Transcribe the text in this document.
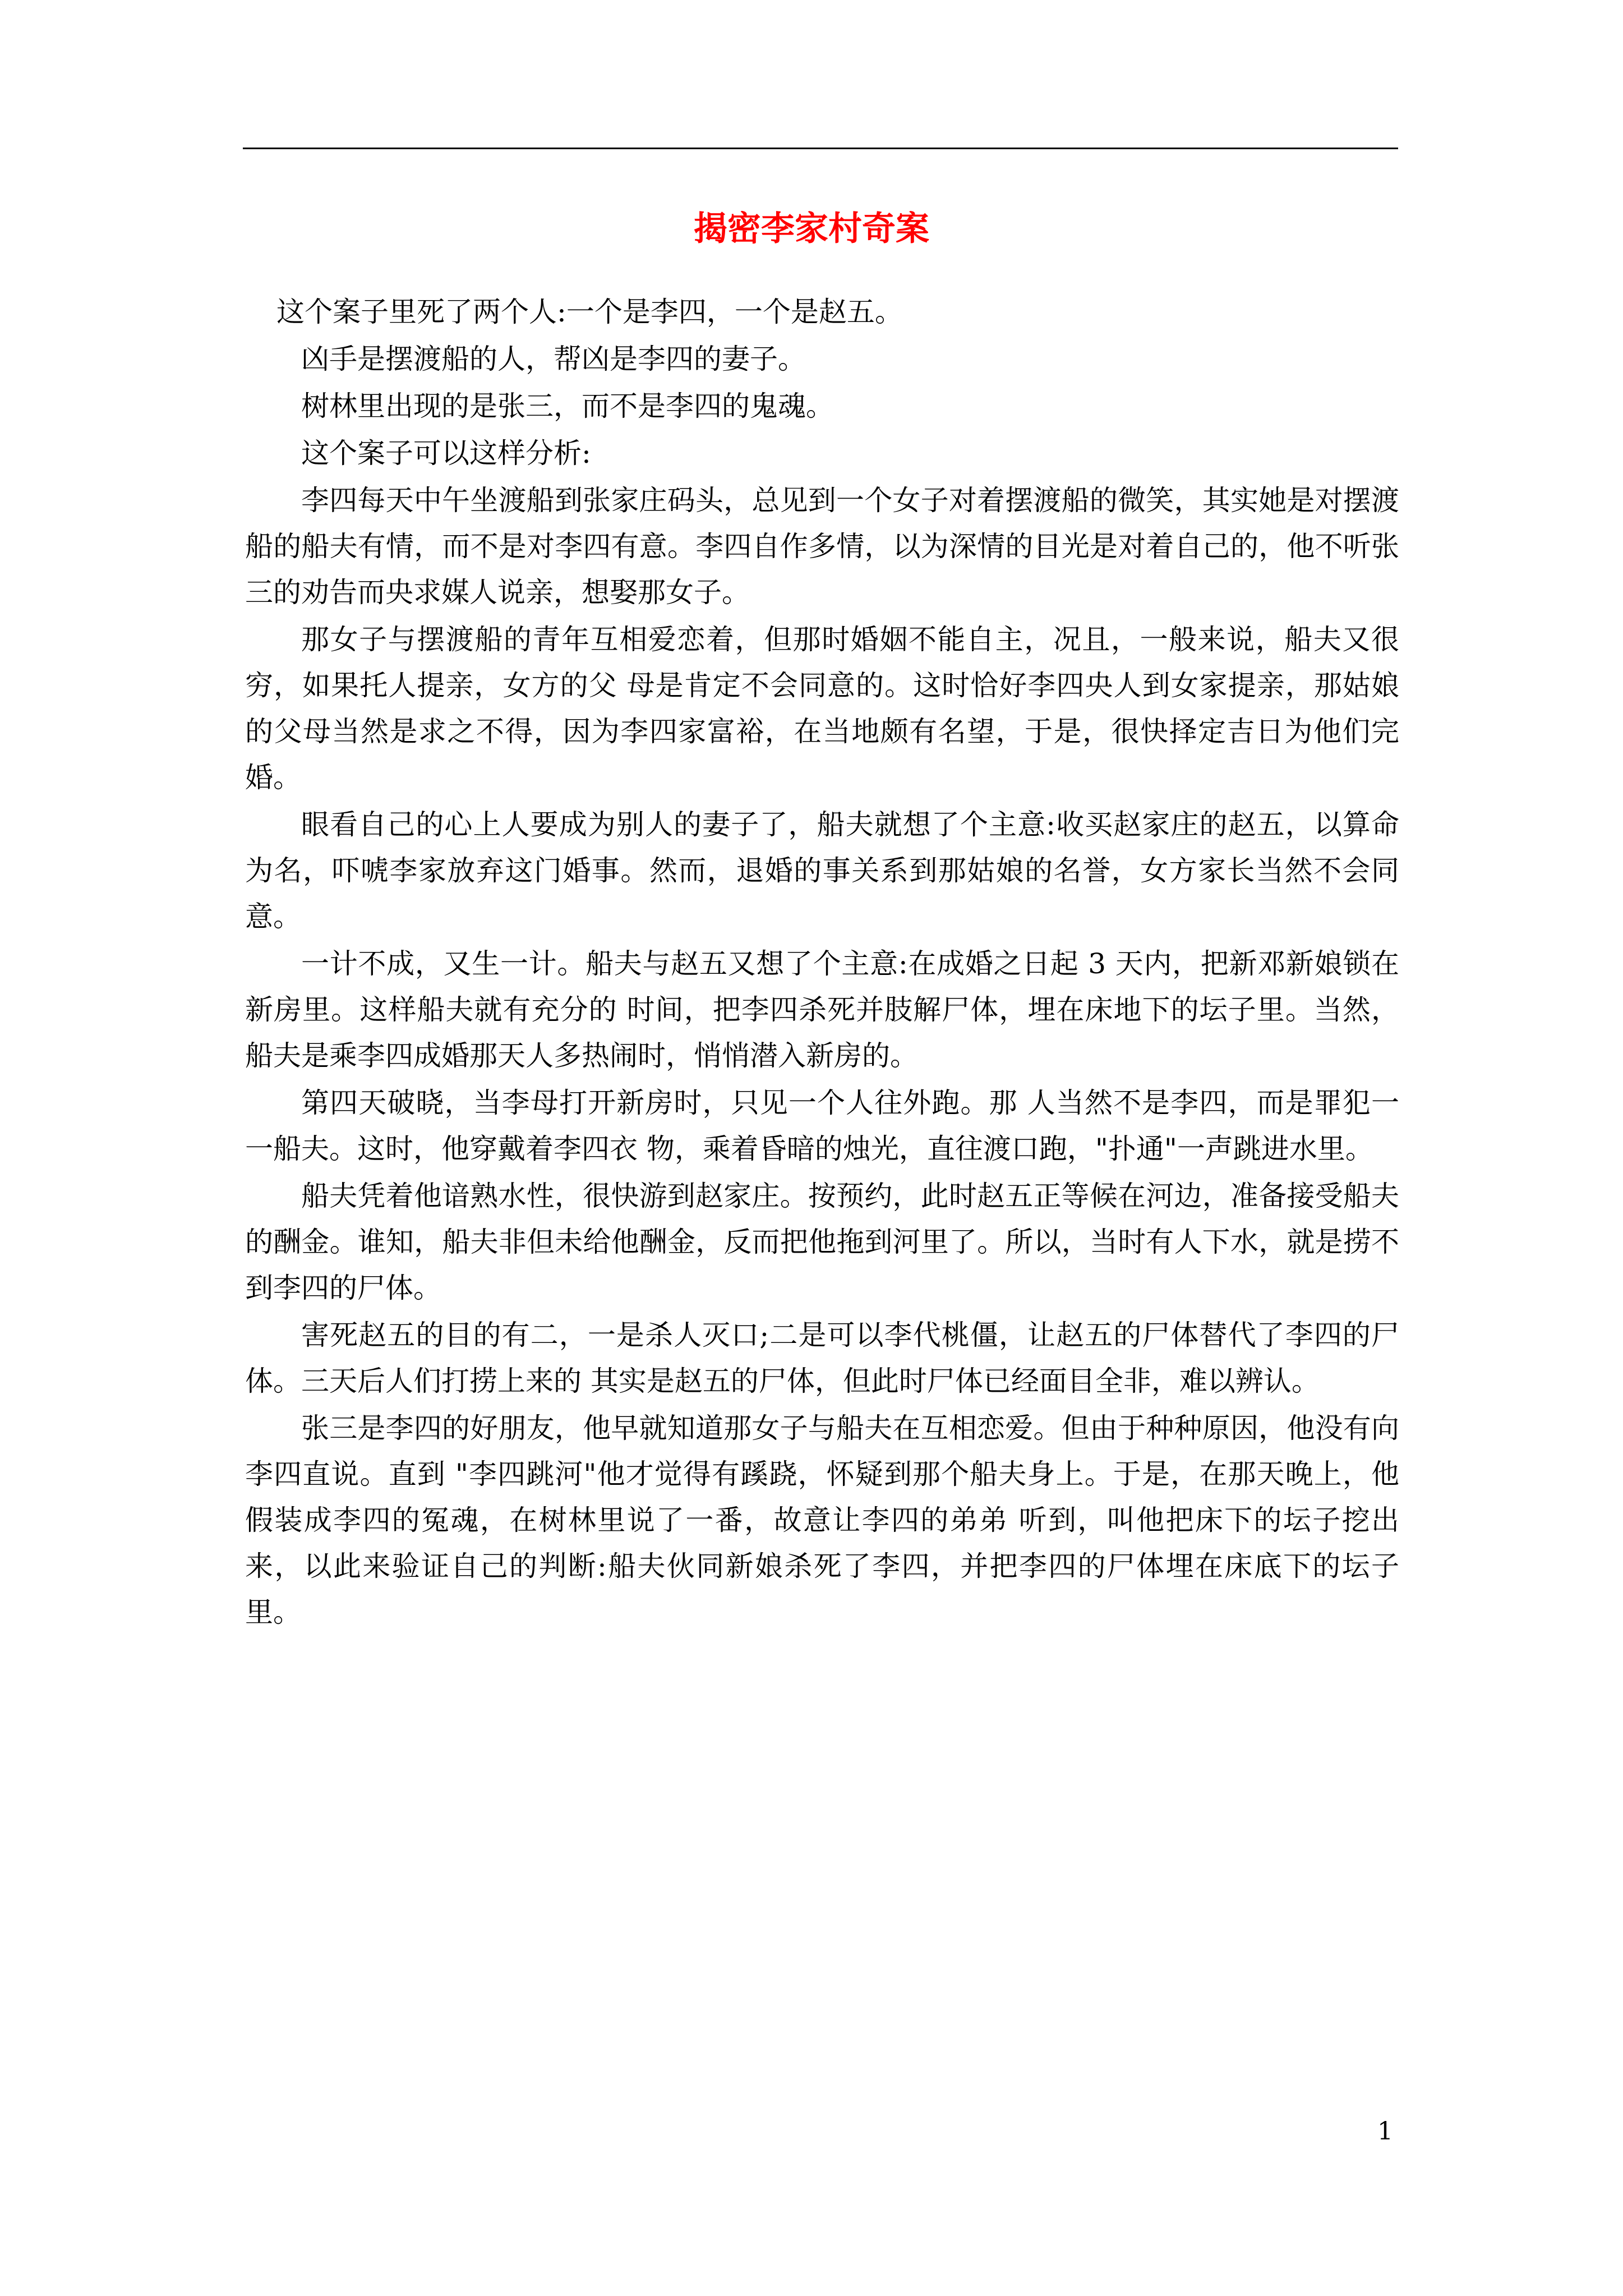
揭密李家村奇案

这个案子里死了两个人:一个是李四，一个是赵五。

凶手是摆渡船的人，帮凶是李四的妻子。

树林里出现的是张三，而不是李四的鬼魂。

这个案子可以这样分析:

李四每天中午坐渡船到张家庄码头，总见到一个女子对着摆渡船的微笑，其实她是对摆渡船的船夫有情，而不是对李四有意。李四自作多情，以为深情的目光是对着自己的，他不听张三的劝告而央求媒人说亲，想娶那女子。

那女子与摆渡船的青年互相爱恋着，但那时婚姻不能自主，况且，一般来说，船夫又很穷，如果托人提亲，女方的父 母是肯定不会同意的。这时恰好李四央人到女家提亲，那姑娘 的父母当然是求之不得，因为李四家富裕，在当地颇有名望，于是，很快择定吉日为他们完婚。

眼看自己的心上人要成为别人的妻子了，船夫就想了个主意:收买赵家庄的赵五，以算命为名，吓唬李家放弃这门婚事。然而，退婚的事关系到那姑娘的名誉，女方家长当然不会同意。

一计不成，又生一计。船夫与赵五又想了个主意:在成婚之日起 3 天内，把新邓新娘锁在新房里。这样船夫就有充分的 时间，把李四杀死并肢解尸体，埋在床地下的坛子里。当然， 船夫是乘李四成婚那天人多热闹时，悄悄潜入新房的。

第四天破晓，当李母打开新房时，只见一个人往外跑。那 人当然不是李四，而是罪犯一一船夫。这时，他穿戴着李四衣 物，乘着昏暗的烛光，直往渡口跑，"扑通"一声跳进水里。

船夫凭着他谙熟水性，很快游到赵家庄。按预约，此时赵五正等候在河边，准备接受船夫的酬金。谁知，船夫非但未给他酬金，反而把他拖到河里了。所以，当时有人下水，就是捞不到李四的尸体。

害死赵五的目的有二，一是杀人灭口;二是可以李代桃僵，让赵五的尸体替代了李四的尸体。三天后人们打捞上来的 其实是赵五的尸体，但此时尸体已经面目全非，难以辨认。

张三是李四的好朋友，他早就知道那女子与船夫在互相恋爱。但由于种种原因，他没有向李四直说。直到 "李四跳河"他才觉得有蹊跷，怀疑到那个船夫身上。于是，在那天晚上，他假装成李四的冤魂，在树林里说了一番，故意让李四的弟弟 听到，叫他把床下的坛子挖出来，以此来验证自己的判断:船夫伙同新娘杀死了李四，并把李四的尸体埋在床底下的坛子里。

1
